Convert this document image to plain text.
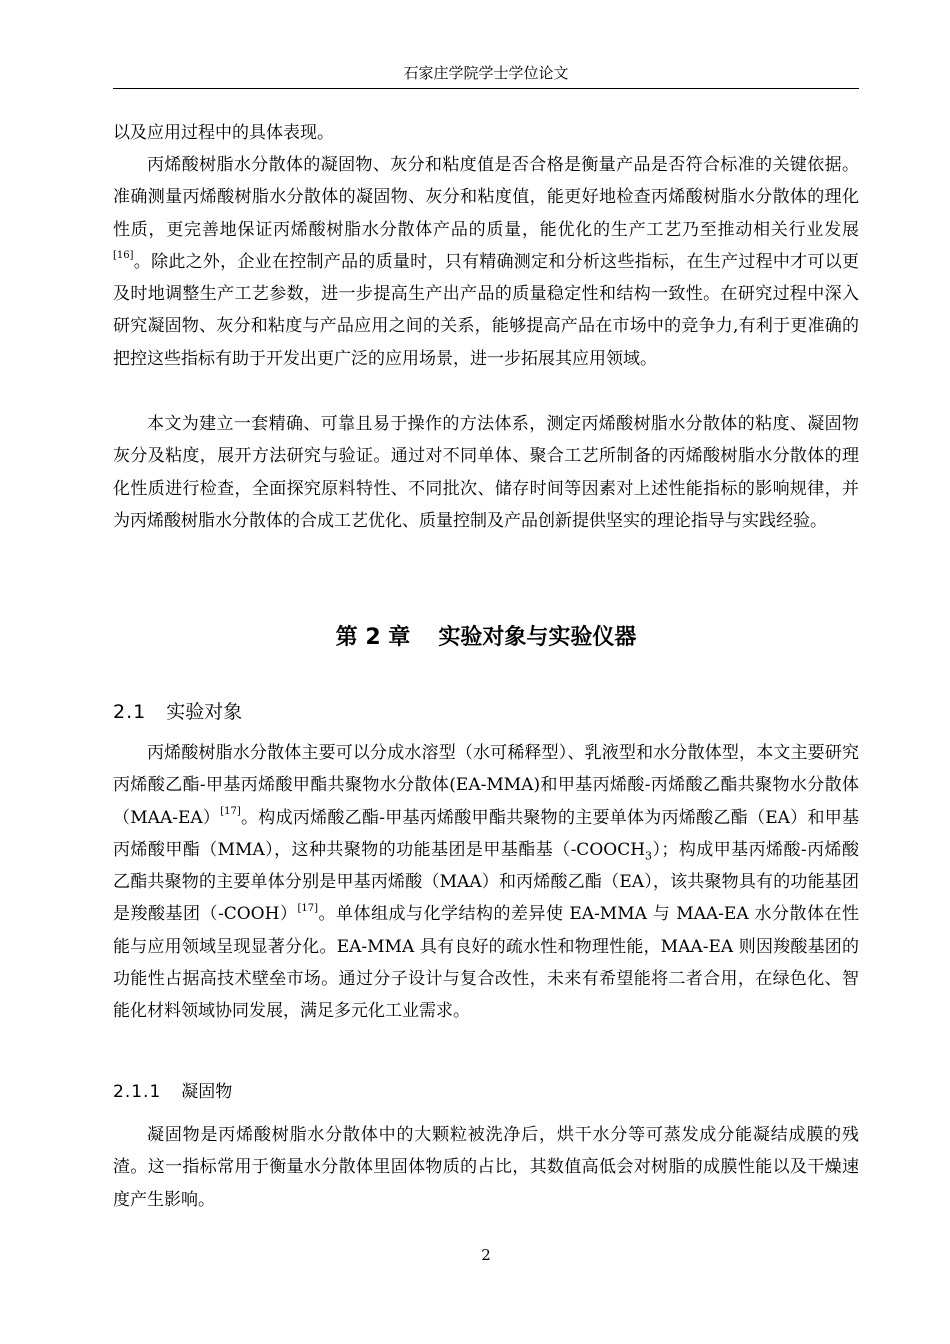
石家庄学院学士学位论文

以及应用过程中的具体表现。

丙烯酸树脂水分散体的凝固物、灰分和粘度值是否合格是衡量产品是否符合标准的关键依据。准确测量丙烯酸树脂水分散体的凝固物、灰分和粘度值，能更好地检查丙烯酸树脂水分散体的理化性质，更完善地保证丙烯酸树脂水分散体产品的质量，能优化的生产工艺乃至推动相关行业发展[16]。除此之外，企业在控制产品的质量时，只有精确测定和分析这些指标，在生产过程中才可以更及时地调整生产工艺参数，进一步提高生产出产品的质量稳定性和结构一致性。在研究过程中深入研究凝固物、灰分和粘度与产品应用之间的关系，能够提高产品在市场中的竞争力,有利于更准确的把控这些指标有助于开发出更广泛的应用场景，进一步拓展其应用领域。

本文为建立一套精确、可靠且易于操作的方法体系，测定丙烯酸树脂水分散体的粘度、凝固物灰分及粘度，展开方法研究与验证。通过对不同单体、聚合工艺所制备的丙烯酸树脂水分散体的理化性质进行检查，全面探究原料特性、不同批次、储存时间等因素对上述性能指标的影响规律，并为丙烯酸树脂水分散体的合成工艺优化、质量控制及产品创新提供坚实的理论指导与实践经验。

第 2 章 实验对象与实验仪器
2.1 实验对象

丙烯酸树脂水分散体主要可以分成水溶型（水可稀释型）、乳液型和水分散体型，本文主要研究丙烯酸乙酯-甲基丙烯酸甲酯共聚物水分散体(EA-MMA)和甲基丙烯酸-丙烯酸乙酯共聚物水分散体（MAA-EA）[17]。构成丙烯酸乙酯-甲基丙烯酸甲酯共聚物的主要单体为丙烯酸乙酯（EA）和甲基丙烯酸甲酯（MMA），这种共聚物的功能基团是甲基酯基$(-COOCH_3)$；构成甲基丙烯酸-丙烯酸乙酯共聚物的主要单体分别是甲基丙烯酸（MAA）和丙烯酸乙酯（EA），该共聚物具有的功能基团是羧酸基团（-COOH）[17]。单体组成与化学结构的差异使 EA-MMA 与 MAA-EA 水分散体在性能与应用领域呈现显著分化。EA-MMA 具有良好的疏水性和物理性能，MAA-EA 则因羧酸基团的功能性占据高技术壁垒市场。通过分子设计与复合改性，未来有希望能将二者合用，在绿色化、智能化材料领域协同发展，满足多元化工业需求。

2.1.1 凝固物

凝固物是丙烯酸树脂水分散体中的大颗粒被洗净后，烘干水分等可蒸发成分能凝结成膜的残渣。这一指标常用于衡量水分散体里固体物质的占比，其数值高低会对树脂的成膜性能以及干燥速度产生影响。

2
